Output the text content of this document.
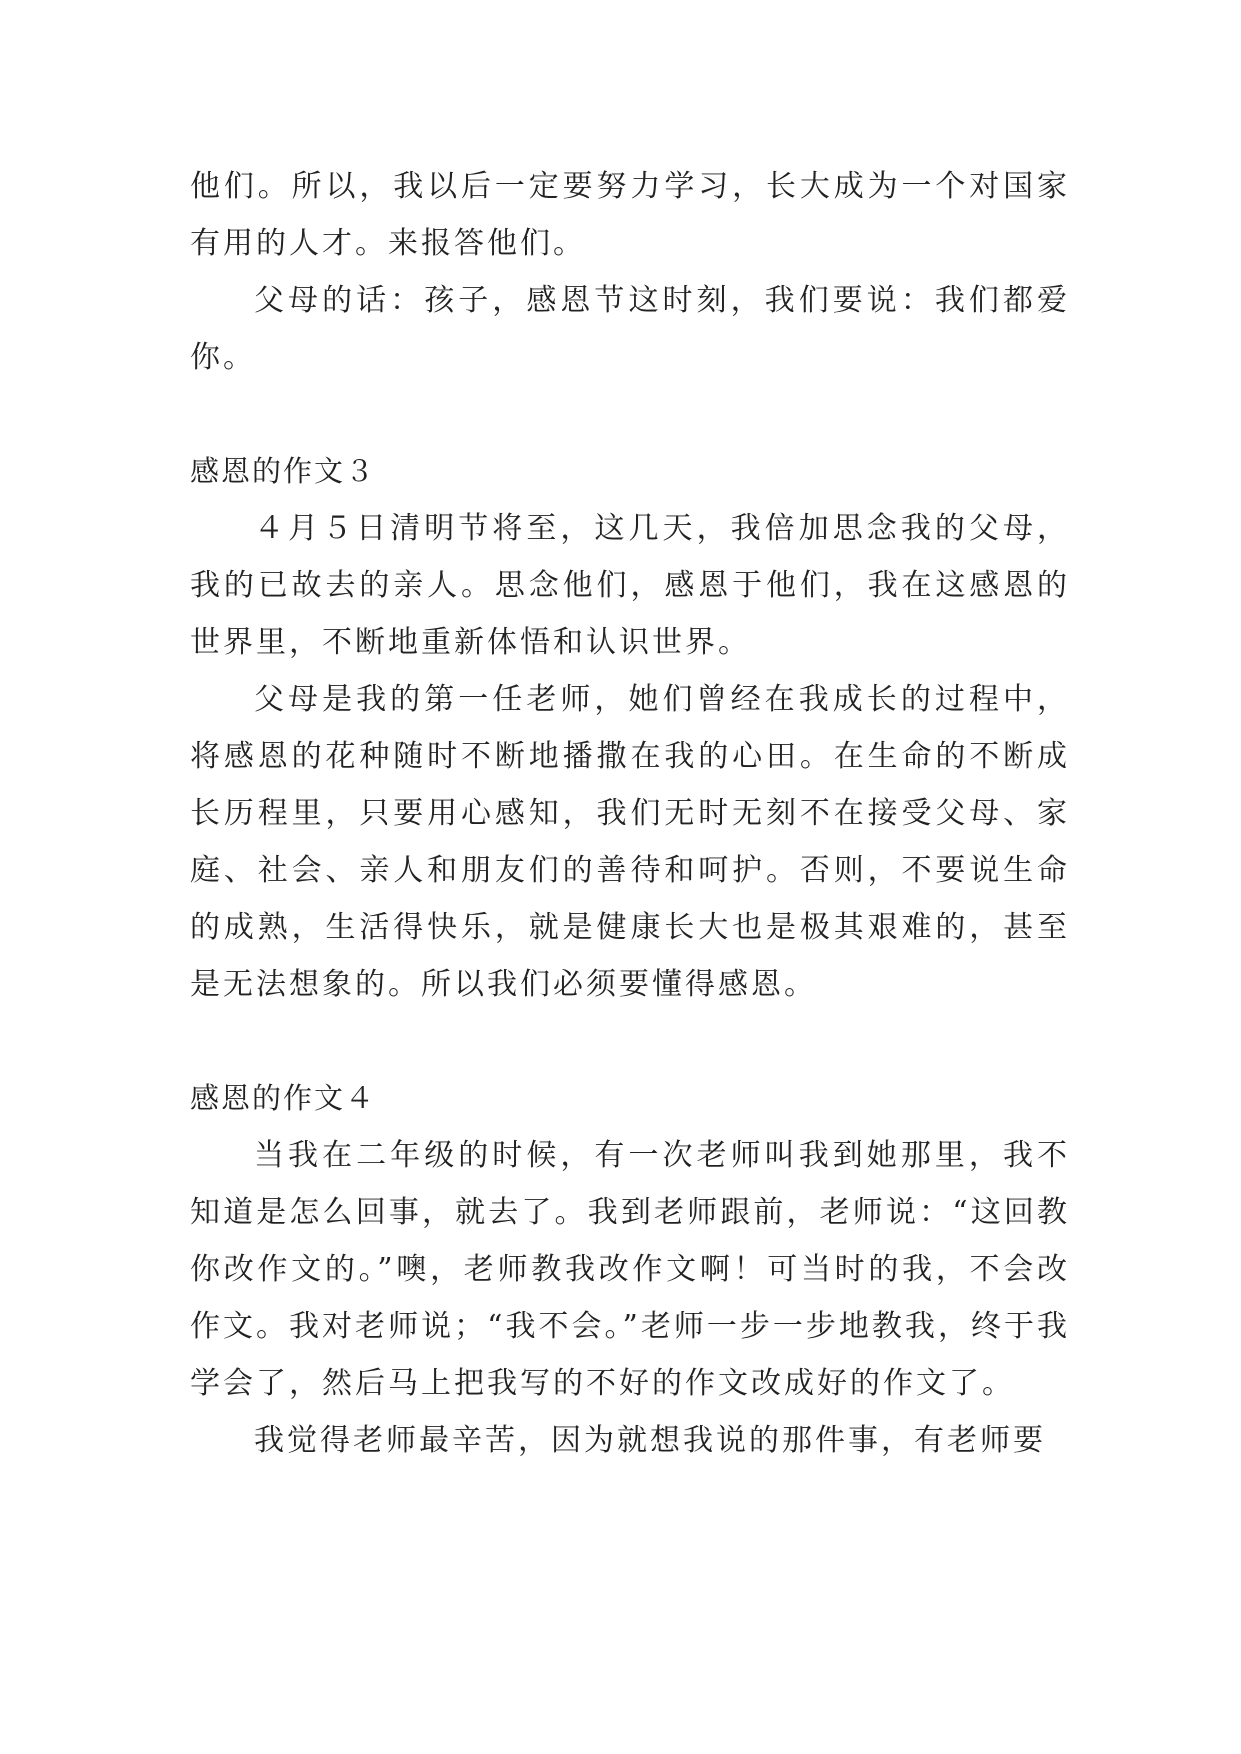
他们。所以，我以后一定要努力学习，长大成为一个对国家有用的人才。来报答他们。

父母的话：孩子，感恩节这时刻，我们要说：我们都爱你。

感恩的作文３

４月５日清明节将至，这几天，我倍加思念我的父母，我的已故去的亲人。思念他们，感恩于他们，我在这感恩的世界里，不断地重新体悟和认识世界。

父母是我的第一任老师，她们曾经在我成长的过程中，将感恩的花种随时不断地播撒在我的心田。在生命的不断成长历程里，只要用心感知，我们无时无刻不在接受父母、家庭、社会、亲人和朋友们的善待和呵护。否则，不要说生命的成熟，生活得快乐，就是健康长大也是极其艰难的，甚至是无法想象的。所以我们必须要懂得感恩。

感恩的作文４

当我在二年级的时候，有一次老师叫我到她那里，我不知道是怎么回事，就去了。我到老师跟前，老师说：“这回教你改作文的。”噢，老师教我改作文啊！可当时的我，不会改作文。我对老师说；“我不会。”老师一步一步地教我，终于我学会了，然后马上把我写的不好的作文改成好的作文了。

我觉得老师最辛苦，因为就想我说的那件事，有老师要
